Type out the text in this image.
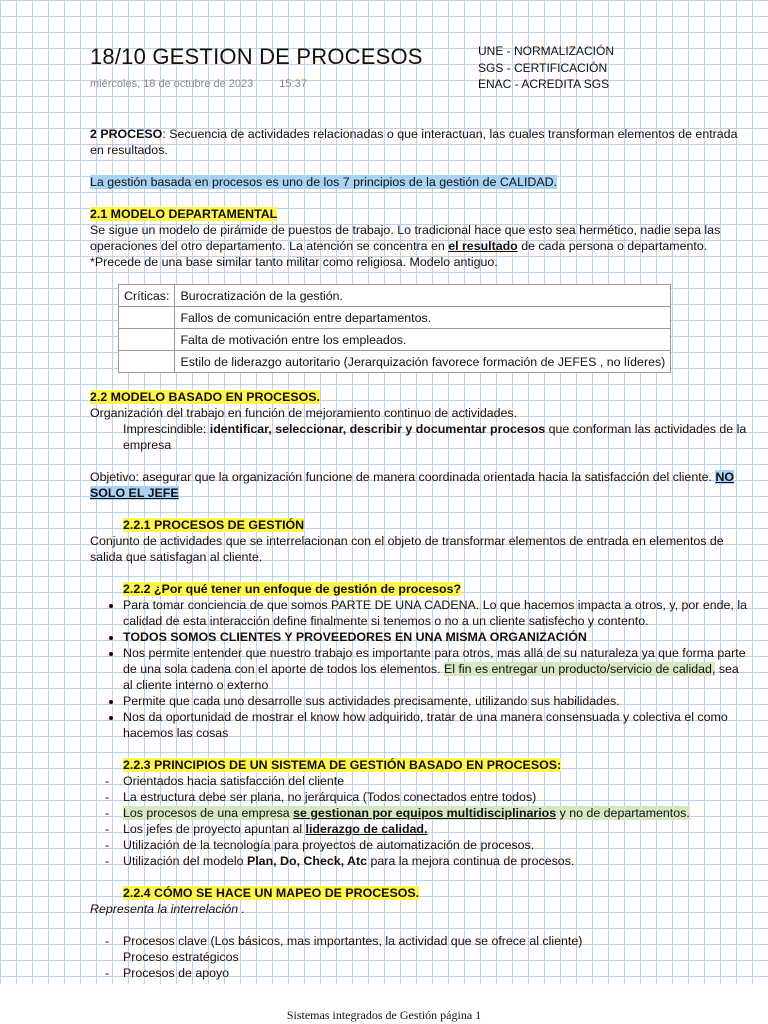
18/10 GESTION DE PROCESOS
miércoles, 18 de octubre de 2023 15:37
UNE - NORMALIZACIÓN
SGS - CERTIFICACIÓN
ENAC - ACREDITA SGS

2 PROCESO: Secuencia de actividades relacionadas o que interactuan, las cuales transforman elementos de entrada en resultados.

La gestión basada en procesos es uno de los 7 principios de la gestión de CALIDAD.

2.1 MODELO DEPARTAMENTAL

Se sigue un modelo de pirámide de puestos de trabajo. Lo tradicional hace que esto sea hermético, nadie sepa las operaciones del otro departamento. La atención se concentra en el resultado de cada persona o departamento.

*Precede de una base similar tanto militar como religiosa. Modelo antiguo.

Críticas:	Burocratización de la gestión.
	Fallos de comunicación entre departamentos.
	Falta de motivación entre los empleados.
	Estilo de liderazgo autoritario (Jerarquización favorece formación de JEFES , no líderes)

2.2 MODELO BASADO EN PROCESOS.

Organización del trabajo en función de mejoramiento continuo de actividades.

Imprescindible: identificar, seleccionar, describir y documentar procesos que conforman las actividades de la empresa

Objetivo: asegurar que la organización funcione de manera coordinada orientada hacia la satisfacción del cliente. NO SOLO EL JEFE

2.2.1 PROCESOS DE GESTIÓN

Conjunto de actividades que se interrelacionan con el objeto de transformar elementos de entrada en elementos de salida que satisfagan al cliente.

2.2.2 ¿Por qué tener un enfoque de gestión de procesos?

• Para tomar conciencia de que somos PARTE DE UNA CADENA. Lo que hacemos impacta a otros, y, por ende, la calidad de esta interacción define finalmente si tenemos o no a un cliente satisfecho y contento.
• TODOS SOMOS CLIENTES Y PROVEEDORES EN UNA MISMA ORGANIZACIÓN
• Nos permite entender que nuestro trabajo es importante para otros, mas allá de su naturaleza ya que forma parte de una sola cadena con el aporte de todos los elementos. El fin es entregar un producto/servicio de calidad, sea al cliente interno o externo
• Permite que cada uno desarrolle sus actividades precisamente, utilizando sus habilidades.
• Nos da oportunidad de mostrar el know how adquirido, tratar de una manera consensuada y colectiva el como hacemos las cosas

2.2.3 PRINCIPIOS DE UN SISTEMA DE GESTIÓN BASADO EN PROCESOS:

- Orientados hacia satisfacción del cliente
- La estructura debe ser plana, no jerárquica (Todos conectados entre todos)
- Los procesos de una empresa se gestionan por equipos multidisciplinarios y no de departamentos.
- Los jefes de proyecto apuntan al liderazgo de calidad.
- Utilización de la tecnología para proyectos de automatización de procesos.
- Utilización del modelo Plan, Do, Check, Atc para la mejora continua de procesos.

2.2.4 CÓMO SE HACE UN MAPEO DE PROCESOS.

Representa la interrelación .

- Procesos clave (Los básicos, mas importantes, la actividad que se ofrece al cliente)
Proceso estratégicos
- Procesos de apoyo
Sistemas integrados de Gestión página 1
